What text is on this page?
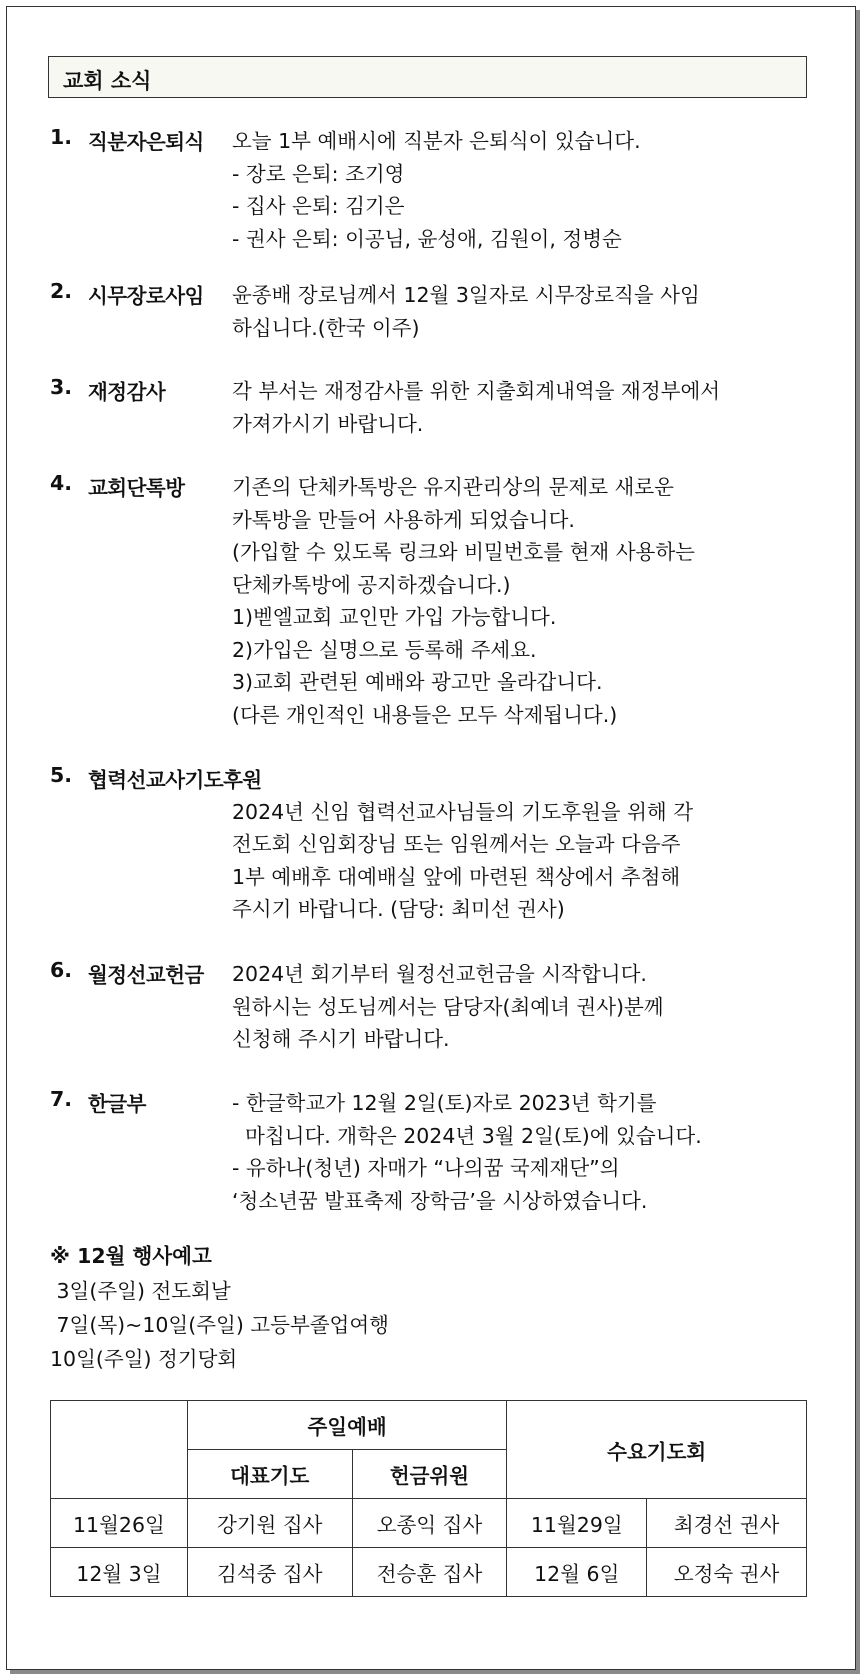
교회 소식
1. 직분자은퇴식 오늘 1부 예배시에 직분자 은퇴식이 있습니다.
- 장로 은퇴: 조기영
- 집사 은퇴: 김기은
- 권사 은퇴: 이공님, 윤성애, 김원이, 정병순
2. 시무장로사임 윤종배 장로님께서 12월 3일자로 시무장로직을 사임
하십니다.(한국 이주)
3. 재정감사	각 부서는 재정감사를 위한 지출회계내역을 재정부에서
가져가시기 바랍니다.
4. 교회단톡방 기존의 단체카톡방은 유지관리상의 문제로 새로운
카톡방을 만들어 사용하게 되었습니다.
(가입할 수 있도록 링크와 비밀번호를 현재 사용하는
단체카톡방에 공지하겠습니다.)
1)벧엘교회 교인만 가입 가능합니다.
2)가입은 실명으로 등록해 주세요.
3)교회 관련된 예배와 광고만 올라갑니다.
(다른 개인적인 내용들은 모두 삭제됩니다.)
5. 협력선교사기도후원
2024년 신임 협력선교사님들의 기도후원을 위해 각
전도회 신임회장님 또는 임원께서는 오늘과 다음주
1부 예배후 대예배실 앞에 마련된 책상에서 추첨해
주시기 바랍니다. (담당: 최미선 권사)
6. 월정선교헌금 2024년 회기부터 월정선교헌금을 시작합니다.
원하시는 성도님께서는 담당자(최예녀 권사)분께
신청해 주시기 바랍니다.
7. 한글부	- 한글학교가 12월 2일(토)자로 2023년 학기를
마칩니다. 개학은 2024년 3월 2일(토)에 있습니다.
- 유하나(청년) 자매가 “나의꿈 국제재단”의
‘청소년꿈 발표축제 장학금’을 시상하였습니다.
※ 12월 행사예고
3일(주일) 전도회날
7일(목)~10일(주일) 고등부졸업여행
10일(주일) 정기당회
	주일예배		수요기도회	
	대표기도	헌금위원		
11월26일	강기원 집사	오종익 집사	11월29일	최경선 권사
12월 3일	김석중 집사	전승훈 집사	12월 6일	오정숙 권사
